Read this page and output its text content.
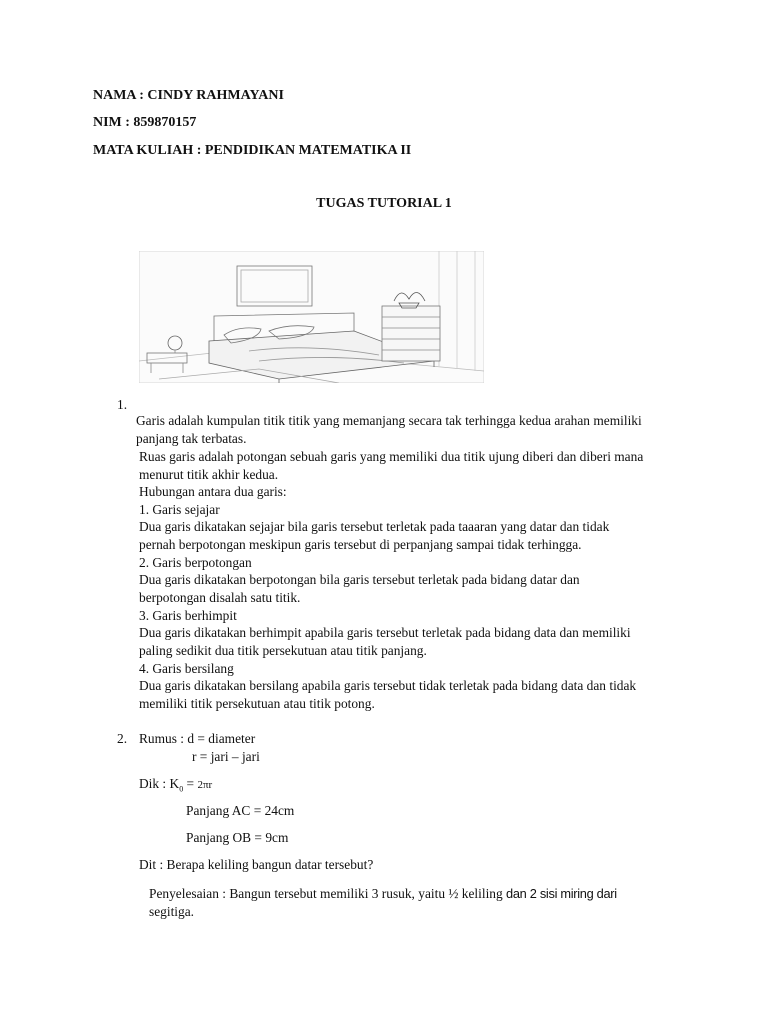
NAMA : CINDY RAHMAYANI
NIM : 859870157
MATA KULIAH : PENDIDIKAN MATEMATIKA II
TUGAS TUTORIAL 1
1.
Garis adalah kumpulan titik titik yang memanjang secara tak terhingga kedua arahan memiliki
panjang tak terbatas.
Ruas garis adalah potongan sebuah garis yang memiliki dua titik ujung diberi dan diberi mana
menurut titik akhir kedua.
Hubungan antara dua garis:
1. Garis sejajar
Dua garis dikatakan sejajar bila garis tersebut terletak pada taaaran yang datar dan tidak
pernah berpotongan meskipun garis tersebut di perpanjang sampai tidak terhingga.
2. Garis berpotongan
Dua garis dikatakan berpotongan bila garis tersebut terletak pada bidang datar dan
berpotongan disalah satu titik.
3. Garis berhimpit
Dua garis dikatakan berhimpit apabila garis tersebut terletak pada bidang data dan memiliki
paling sedikit dua titik persekutuan atau titik panjang.
4. Garis bersilang
Dua garis dikatakan bersilang apabila garis tersebut tidak terletak pada bidang data dan tidak
memiliki titik persekutuan atau titik potong.
2. Rumus : d = diameter
r = jari – jari
Dik : $K_0 = 2\pi r$
Panjang AC = 24cm
Panjang OB = 9cm
Dit : Berapa keliling bangun datar tersebut?
Penyelesaian : Bangun tersebut memiliki 3 rusuk, yaitu ½ keliling dan 2 sisi miring dari
segitiga.
